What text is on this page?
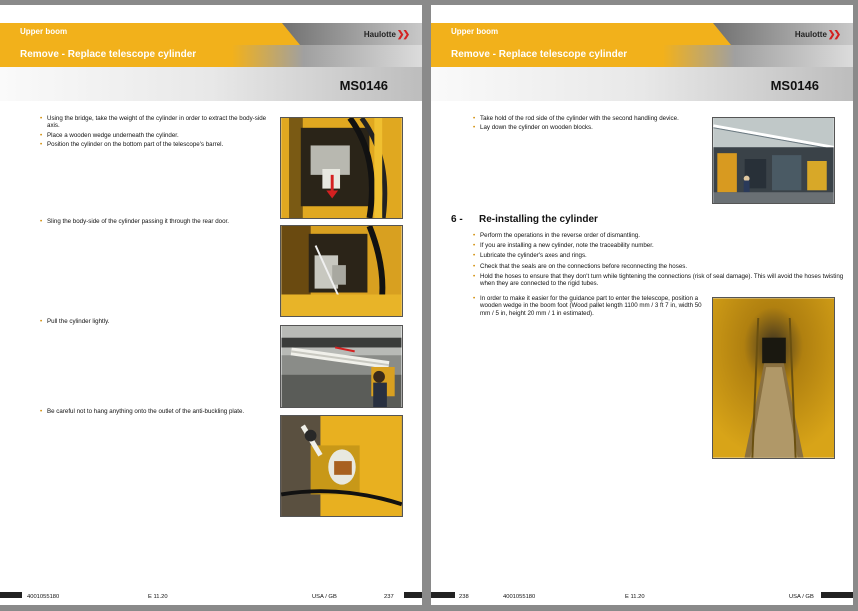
Upper boom	Haulotte ❯❯
Remove - Replace telescope cylinder
MS0146
• Using the bridge, take the weight of the cylinder in order to extract the body-side axis.
• Place a wooden wedge underneath the cylinder.
• Position the cylinder on the bottom part of the telescope's barrel.
• Sling the body-side of the cylinder passing it through the rear door.
• Pull the cylinder lightly.
• Be careful not to hang anything onto the outlet of the anti-buckling plate.
4001055180	E 11.20	USA / GB	237
Upper boom	Haulotte ❯❯
Remove - Replace telescope cylinder
MS0146
• Take hold of the rod side of the cylinder with the second handling device.
• Lay down the cylinder on wooden blocks.
6 - Re-installing the cylinder
• Perform the operations in the reverse order of dismantling.
• If you are installing a new cylinder, note the traceability number.
• Lubricate the cylinder's axes and rings.
• Check that the seals are on the connections before reconnecting the hoses.
• Hold the hoses to ensure that they don't turn while tightening the connections (risk of seal damage). This will avoid the hoses twisting when they are connected to the rigid tubes.
• In order to make it easier for the guidance part to enter the telescope, position a wooden wedge in the boom foot (Wood pallet length 1100 mm / 3 ft 7 in, width 50 mm / 5 in, height 20 mm / 1 in estimated).
238	4001055180	E 11.20	USA / GB
